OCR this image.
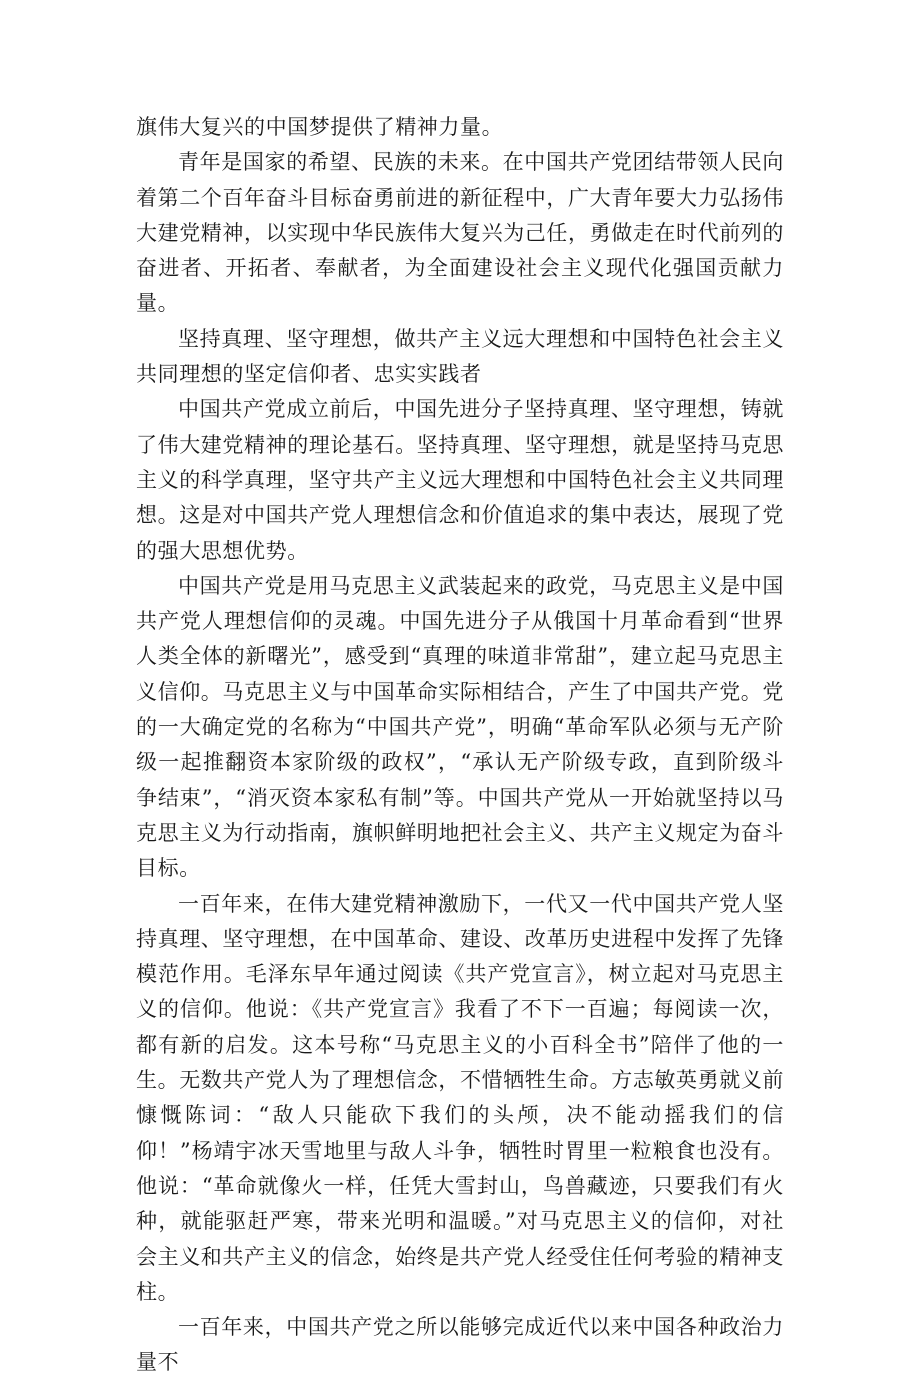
旗伟大复兴的中国梦提供了精神力量。

青年是国家的希望、民族的未来。在中国共产党团结带领人民向着第二个百年奋斗目标奋勇前进的新征程中，广大青年要大力弘扬伟大建党精神，以实现中华民族伟大复兴为己任，勇做走在时代前列的奋进者、开拓者、奉献者，为全面建设社会主义现代化强国贡献力量。

坚持真理、坚守理想，做共产主义远大理想和中国特色社会主义共同理想的坚定信仰者、忠实实践者

中国共产党成立前后，中国先进分子坚持真理、坚守理想，铸就了伟大建党精神的理论基石。坚持真理、坚守理想，就是坚持马克思主义的科学真理，坚守共产主义远大理想和中国特色社会主义共同理想。这是对中国共产党人理想信念和价值追求的集中表达，展现了党的强大思想优势。

中国共产党是用马克思主义武装起来的政党，马克思主义是中国共产党人理想信仰的灵魂。中国先进分子从俄国十月革命看到“世界人类全体的新曙光”，感受到“真理的味道非常甜”，建立起马克思主义信仰。马克思主义与中国革命实际相结合，产生了中国共产党。党的一大确定党的名称为“中国共产党”，明确“革命军队必须与无产阶级一起推翻资本家阶级的政权”，“承认无产阶级专政，直到阶级斗争结束”，“消灭资本家私有制”等。中国共产党从一开始就坚持以马克思主义为行动指南，旗帜鲜明地把社会主义、共产主义规定为奋斗目标。

一百年来，在伟大建党精神激励下，一代又一代中国共产党人坚持真理、坚守理想，在中国革命、建设、改革历史进程中发挥了先锋模范作用。毛泽东早年通过阅读《共产党宣言》，树立起对马克思主义的信仰。他说：《共产党宣言》我看了不下一百遍；每阅读一次，都有新的启发。这本号称“马克思主义的小百科全书”陪伴了他的一生。无数共产党人为了理想信念，不惜牺牲生命。方志敏英勇就义前慷慨陈词：“敌人只能砍下我们的头颅，决不能动摇我们的信仰！”杨靖宇冰天雪地里与敌人斗争，牺牲时胃里一粒粮食也没有。他说：“革命就像火一样，任凭大雪封山，鸟兽藏迹，只要我们有火种，就能驱赶严寒，带来光明和温暖。”对马克思主义的信仰，对社会主义和共产主义的信念，始终是共产党人经受住任何考验的精神支柱。

一百年来，中国共产党之所以能够完成近代以来中国各种政治力量不
